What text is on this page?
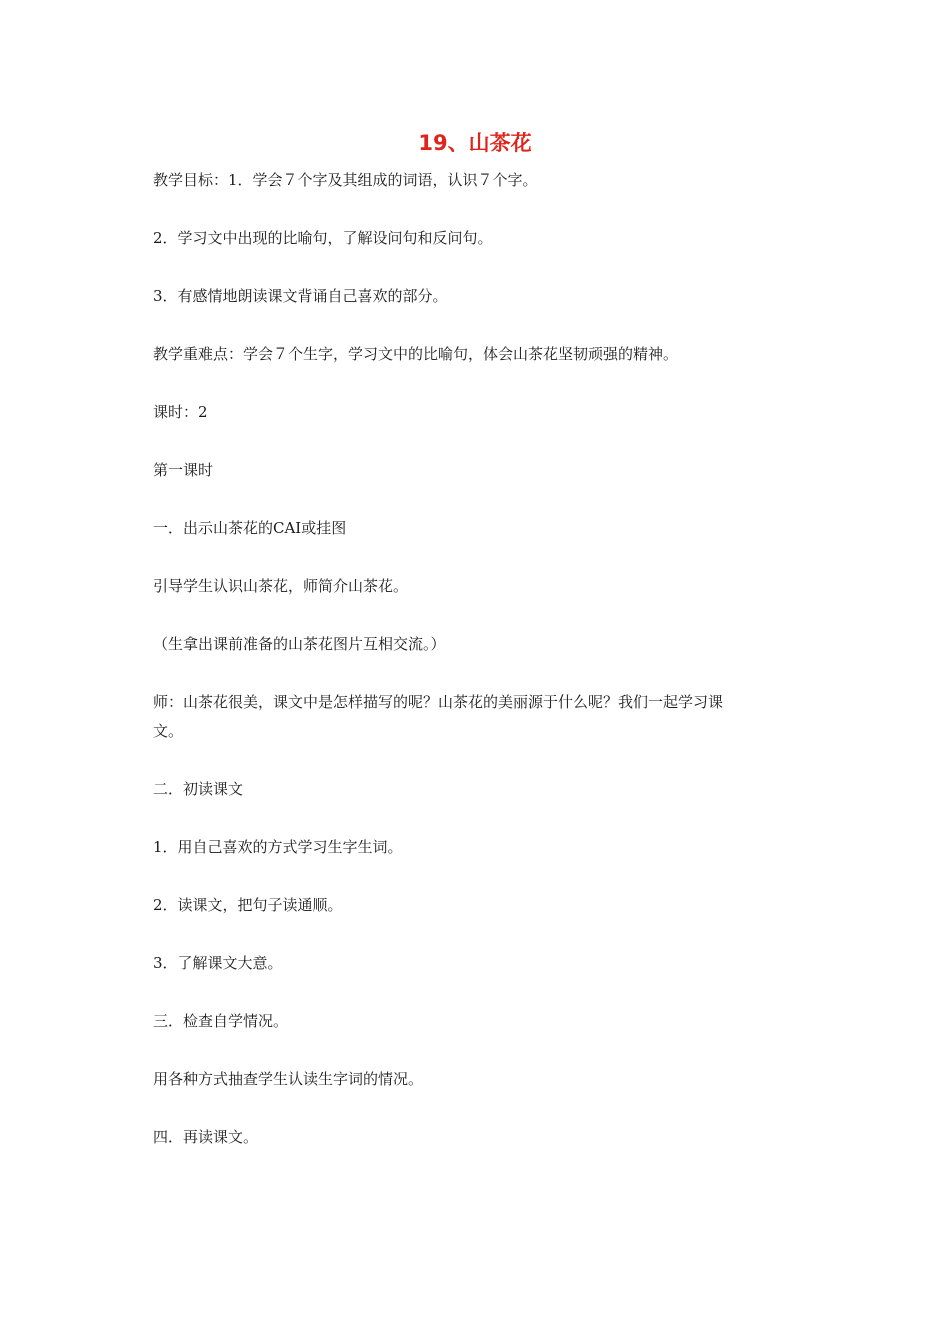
19、山茶花

教学目标：1．学会７个字及其组成的词语，认识７个字。

2．学习文中出现的比喻句，了解设问句和反问句。

3．有感情地朗读课文背诵自己喜欢的部分。

教学重难点：学会７个生字，学习文中的比喻句，体会山茶花坚韧顽强的精神。

课时：2

第一课时

一．出示山茶花的CAI或挂图

引导学生认识山茶花，师简介山茶花。

（生拿出课前准备的山茶花图片互相交流。）

师：山茶花很美，课文中是怎样描写的呢？山茶花的美丽源于什么呢？我们一起学习课

文。

二．初读课文

1．用自己喜欢的方式学习生字生词。

2．读课文，把句子读通顺。

3．了解课文大意。

三．检查自学情况。

用各种方式抽查学生认读生字词的情况。

四．再读课文。
